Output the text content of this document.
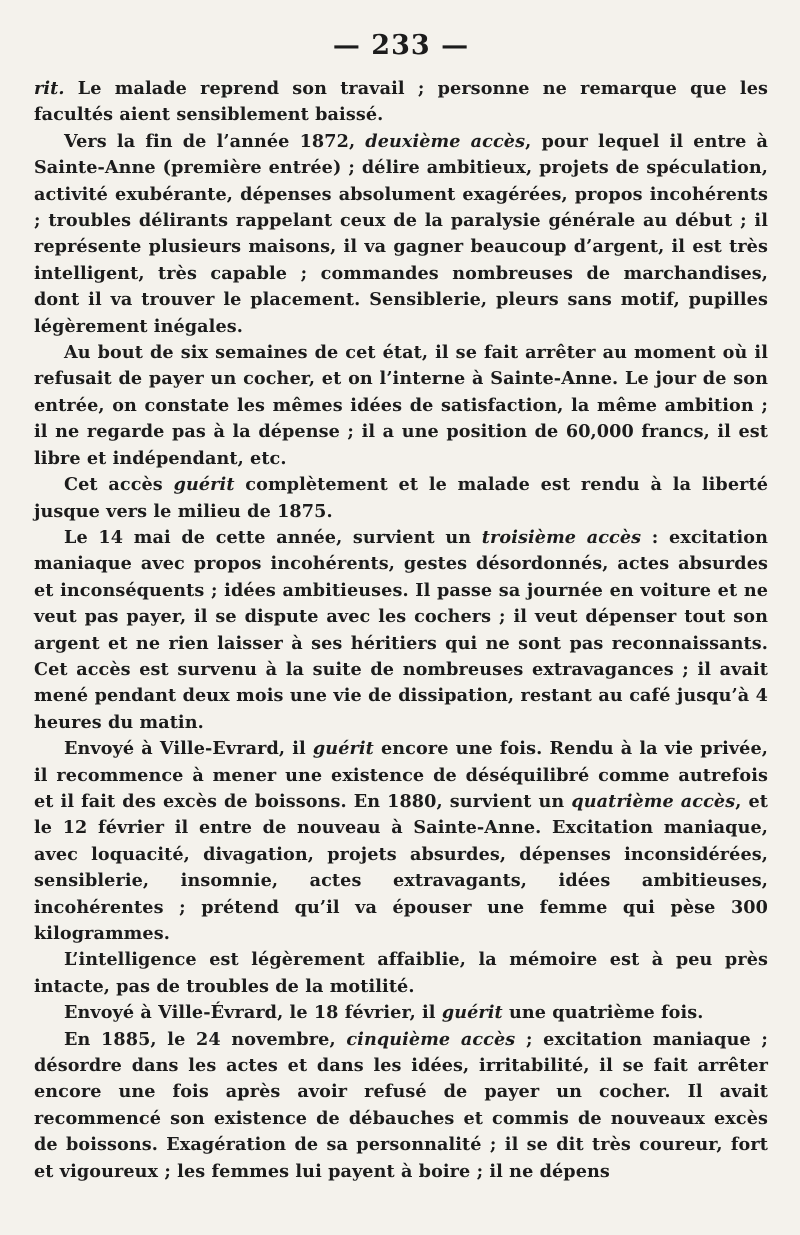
— 233 —

rit. Le malade reprend son travail ; personne ne remarque que les facultés aient sensiblement baissé.

Vers la fin de l’année 1872, deuxième accès, pour lequel il entre à Sainte-Anne (première entrée) ; délire ambitieux, projets de spéculation, activité exubérante, dépenses absolument exagérées, propos incohérents ; troubles délirants rappelant ceux de la paralysie générale au début ; il représente plusieurs maisons, il va gagner beaucoup d’argent, il est très intelligent, très capable ; commandes nombreuses de marchandises, dont il va trouver le placement. Sensiblerie, pleurs sans motif, pupilles légèrement inégales.

Au bout de six semaines de cet état, il se fait arrêter au moment où il refusait de payer un cocher, et on l’interne à Sainte-Anne. Le jour de son entrée, on constate les mêmes idées de satisfaction, la même ambition ; il ne regarde pas à la dépense ; il a une position de 60,000 francs, il est libre et indépendant, etc.

Cet accès guérit complètement et le malade est rendu à la liberté jusque vers le milieu de 1875.

Le 14 mai de cette année, survient un troisième accès : excitation maniaque avec propos incohérents, gestes désordonnés, actes absurdes et inconséquents ; idées ambitieuses. Il passe sa journée en voiture et ne veut pas payer, il se dispute avec les cochers ; il veut dépenser tout son argent et ne rien laisser à ses héritiers qui ne sont pas reconnaissants. Cet accès est survenu à la suite de nombreuses extravagances ; il avait mené pendant deux mois une vie de dissipation, restant au café jusqu’à 4 heures du matin.

Envoyé à Ville-Evrard, il guérit encore une fois. Rendu à la vie privée, il recommence à mener une existence de déséquilibré comme autrefois et il fait des excès de boissons. En 1880, survient un quatrième accès, et le 12 février il entre de nouveau à Sainte-Anne. Excitation maniaque, avec loquacité, divagation, projets absurdes, dépenses inconsidérées, sensiblerie, insomnie, actes extravagants, idées ambitieuses, incohérentes ; prétend qu’il va épouser une femme qui pèse 300 kilogrammes.

L’intelligence est légèrement affaiblie, la mémoire est à peu près intacte, pas de troubles de la motilité.

Envoyé à Ville-Évrard, le 18 février, il guérit une quatrième fois.

En 1885, le 24 novembre, cinquième accès ; excitation maniaque ; désordre dans les actes et dans les idées, irritabilité, il se fait arrêter encore une fois après avoir refusé de payer un cocher. Il avait recommencé son existence de débauches et commis de nouveaux excès de boissons. Exagération de sa personnalité ; il se dit très coureur, fort et vigoureux ; les femmes lui payent à boire ; il ne dépens
